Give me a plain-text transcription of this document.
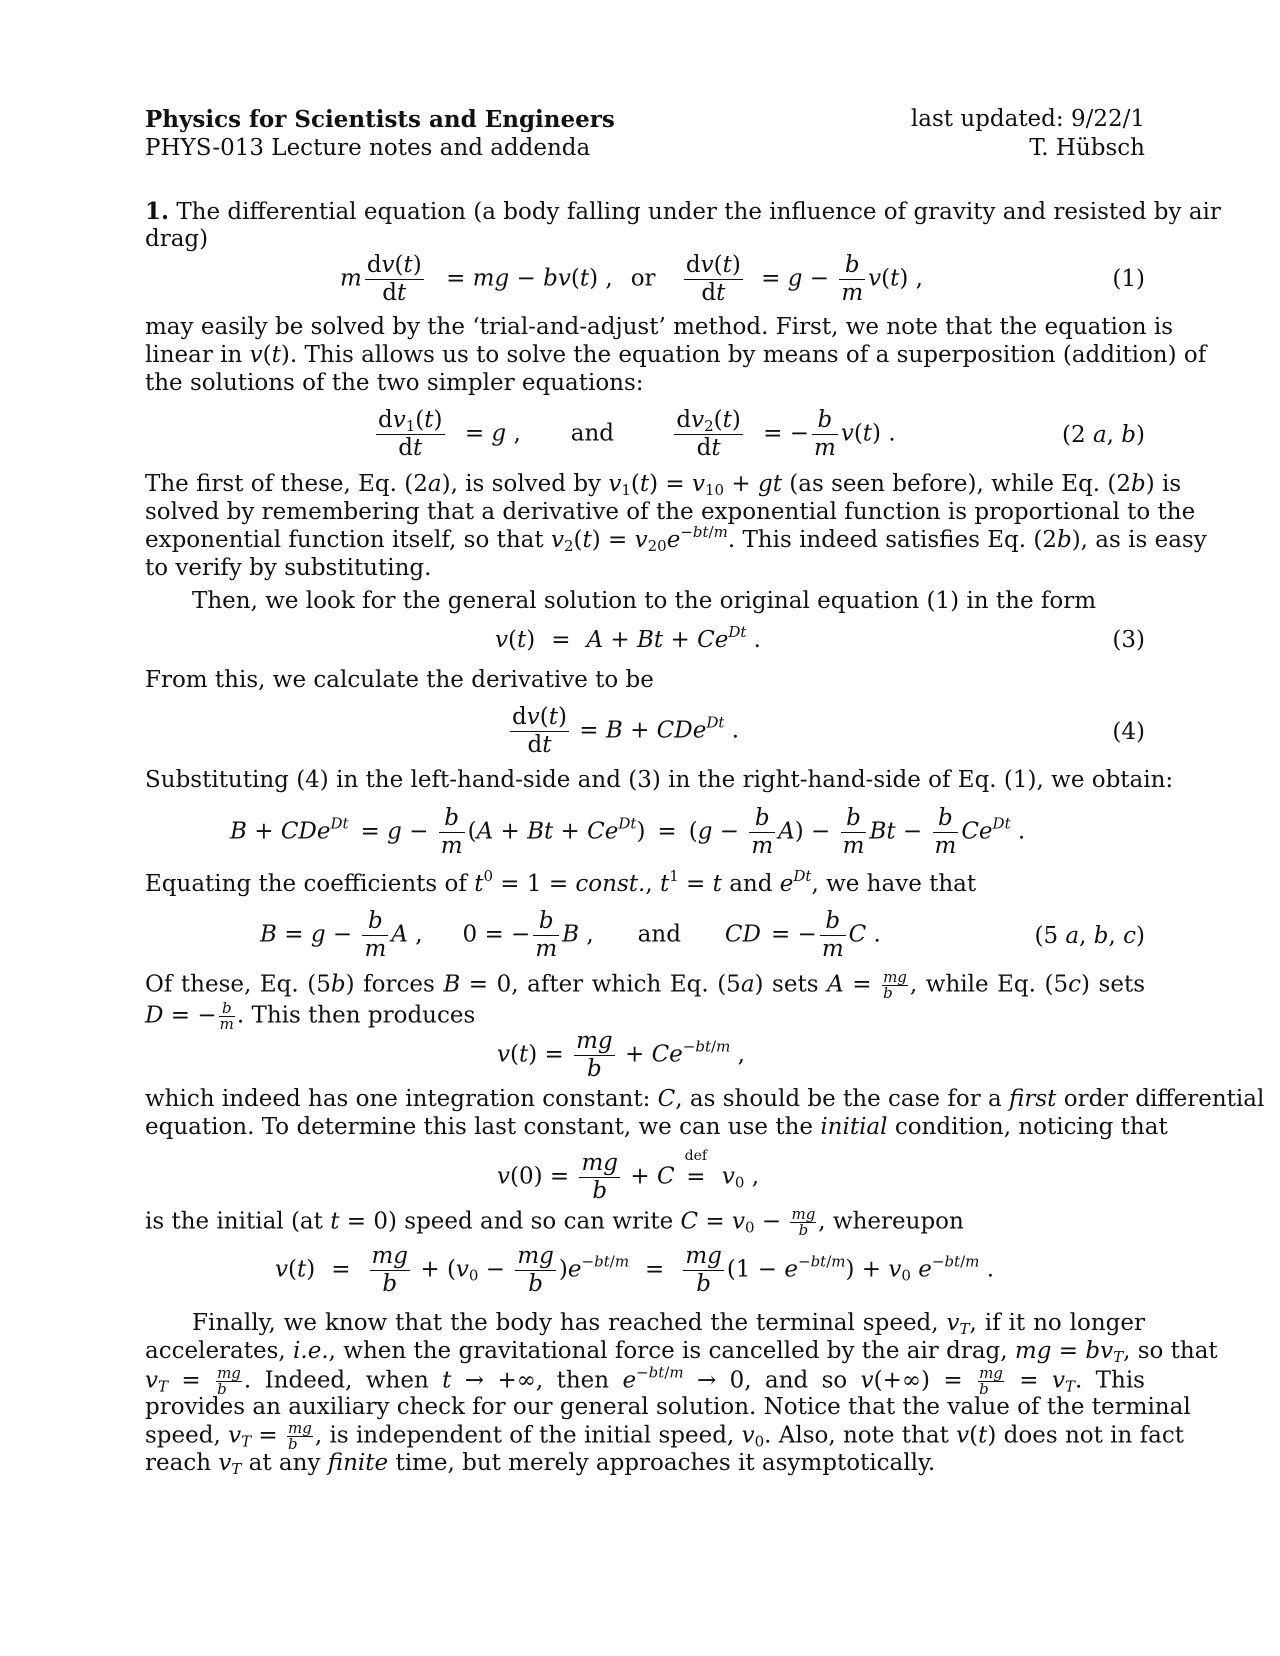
Physics for Scientists and Engineers
PHYS-013 Lecture notes and addenda
last updated: 9/22/1
T. Hübsch
1. The differential equation (a body falling under the influence of gravity and resisted by air
drag)
m $\frac{dv(t)}{dt}$ = mg − bv(t) , or $\frac{dv(t)}{dt} = g - \frac{b}{m} v(t)$ ,	(1)
may easily be solved by the ‘trial-and-adjust’ method. First, we note that the equation is
linear in v(t). This allows us to solve the equation by means of a superposition (addition) of
the solutions of the two simpler equations:
$\frac{dv_1(t)}{dt} = g$ , and	$\frac{dv_2(t)}{dt}$ = − $\frac{b}{m} v(t)$ .	(2 a, b)
The first of these, Eq. (2a), is solved by $v_1(t) = v_{10}$ + gt (as seen before), while Eq. (2b) is
solved by remembering that a derivative of the exponential function is proportional to the
exponential function itself, so that $v_2(t) = v_{20}e^{-bt/m}$. This indeed satisfies Eq. (2b), as is easy
to verify by substituting.
Then, we look for the general solution to the original equation (1) in the form
$v(t) = A + Bt + Ce^{Dt}$ .	(3)
From this, we calculate the derivative to be
$\frac{dv(t)}{dt} = B + CDe^{Dt}$ .	(4)
Substituting (4) in the left-hand-side and (3) in the right-hand-side of Eq. (1), we obtain:
$B + CDe^{Dt} = g - \frac{b}{m} (A + Bt + Ce^{Dt}) = (g - \frac{b}{m} A) - \frac{b}{m}$ $Bt - \frac{b}{m} Ce^{Dt}$ .
Equating the coefficients of $t^0 = 1$ = const., $t^1 = t$ and $e^{Dt}$, we have that
$B = g - \frac{b}{m}$ A , 0 = − $\frac{b}{m}$ B , and CD = − $\frac{b}{m}$ C .	(5 a, b, c)
Of these, Eq. (5b) forces B = 0, after which Eq. (5a) sets $A = \frac{mg}{b}$ , while Eq. (5c) sets
D = − $\frac{b}{m}$ . This then produces
$v(t) = \frac{mg}{b} + Ce^{-bt/m}$ ,
which indeed has one integration constant: C, as should be the case for a first order differential
equation. To determine this last constant, we can use the initial condition, noticing that
$v(0) = \frac{mg}{b} + C$
def
= $v_0$ ,
is the initial (at t = 0) speed and so can write $C = v_0 - \frac{mg}{b}$ , whereupon
$v(t) = \frac{mg}{b} + (v_0 - \frac{mg}{b} )e^{-bt/m} = \frac{mg}{b} (1 - e^{-bt/m}) + v_0$ $e^{-bt/m}$ .
Finally, we know that the body has reached the terminal speed, $v_T$, if it no longer
accelerates, i.e., when the gravitational force is cancelled by the air drag, mg = $bv_T$, so that
$v_T = \frac{mg}{b}$ . Indeed, when t → +∞, then $e^{-bt/m} \to 0$, and so $v(+\infty) = \frac{mg}{b} = v_T$. This
provides an auxiliary check for our general solution. Notice that the value of the terminal
speed, $v_T = \frac{mg}{b}$ , is independent of the initial speed, $v_0$. Also, note that v(t) does not in fact
reach $v_T$ at any finite time, but merely approaches it asymptotically.
